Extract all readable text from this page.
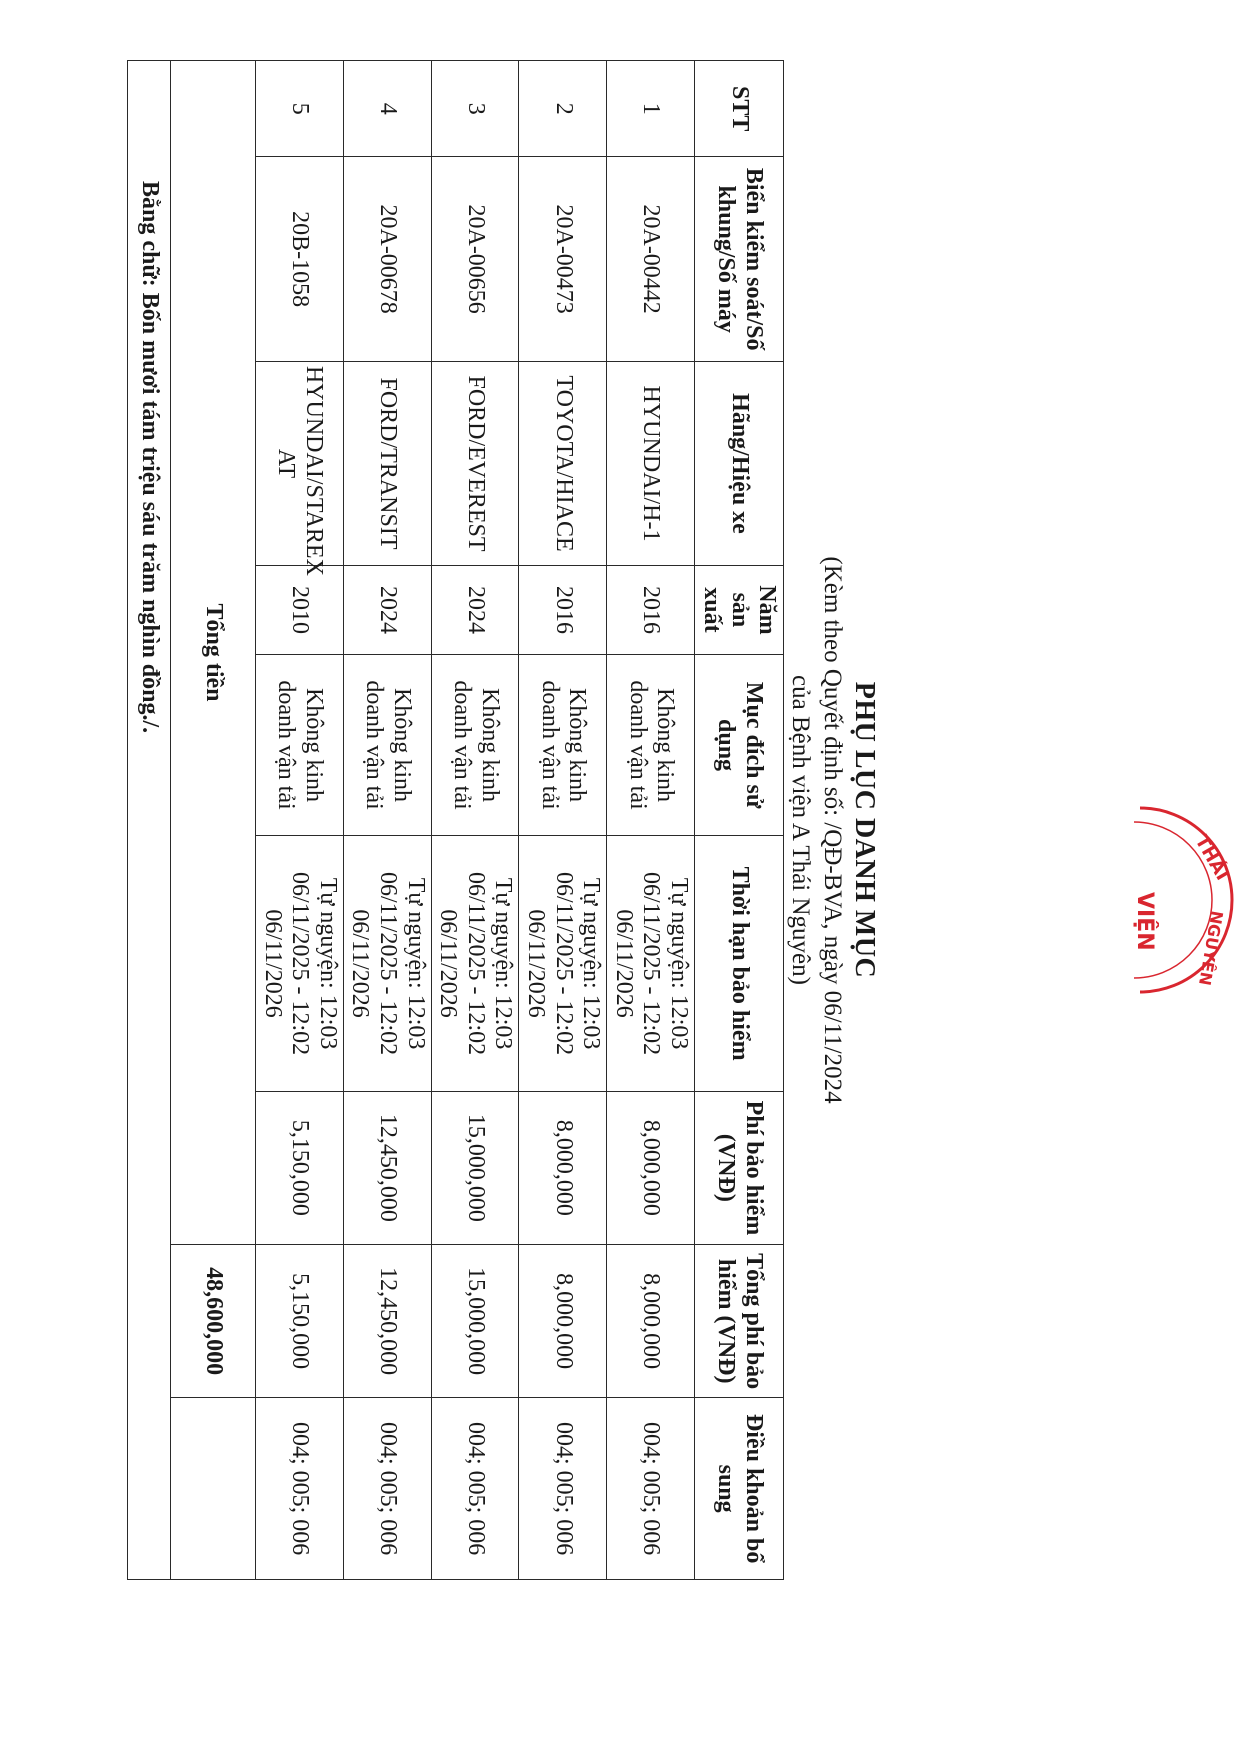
PHỤ LỤC DANH MỤC
(Kèm theo Quyết định số: /QĐ-BVA, ngày 06/11/2024
của Bệnh viện A Thái Nguyên)
STT	Biển kiểm soát/Số khung/Số máy	Hãng/Hiệu xe	Năm sản xuất	Mục đích sử dụng	Thời hạn bảo hiểm	Phí bảo hiểm (VNĐ)	Tổng phí bảo hiểm (VNĐ)	Điều khoản bổ sung
1	20A-00442	HYUNDAI/H-1	2016	Không kinh doanh vận tải	Tự nguyện: 12:03 06/11/2025 - 12:02 06/11/2026	8,000,000	8,000,000	004; 005; 006
2	20A-00473	TOYOTA/HIACE	2016	Không kinh doanh vận tải	Tự nguyện: 12:03 06/11/2025 - 12:02 06/11/2026	8,000,000	8,000,000	004; 005; 006
3	20A-00656	FORD/EVEREST	2024	Không kinh doanh vận tải	Tự nguyện: 12:03 06/11/2025 - 12:02 06/11/2026	15,000,000	15,000,000	004; 005; 006
4	20A-00678	FORD/TRANSIT	2024	Không kinh doanh vận tải	Tự nguyện: 12:03 06/11/2025 - 12:02 06/11/2026	12,450,000	12,450,000	004; 005; 006
5	20B-1058	HYUNDAI/STAREX AT	2010	Không kinh doanh vận tải	Tự nguyện: 12:03 06/11/2025 - 12:02 06/11/2026	5,150,000	5,150,000	004; 005; 006
Tổng tiền							48,600,000	
Bằng chữ: Bốn mươi tám triệu sáu trăm nghìn đồng./.								
THÁI
NGUYÊN
VIỆN
